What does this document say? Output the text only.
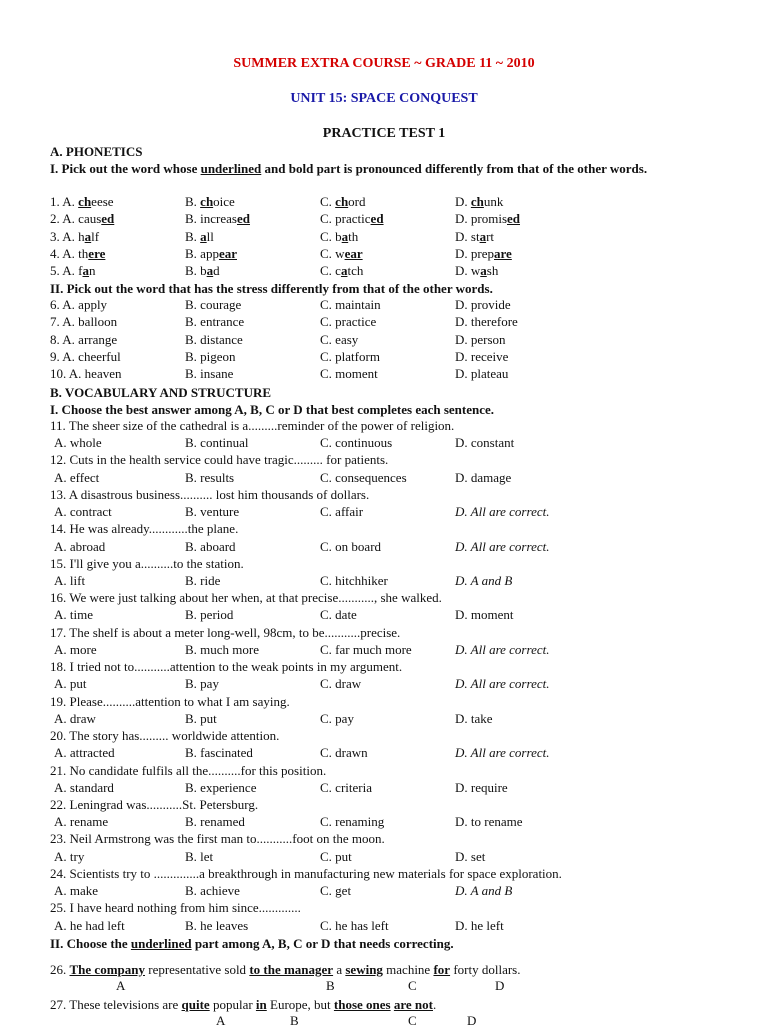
SUMMER EXTRA COURSE ~ GRADE 11 ~ 2010
UNIT 15: SPACE CONQUEST
PRACTICE TEST 1
A. PHONETICS
I. Pick out the word whose underlined and bold part is pronounced differently from that of the other words.
1. A. cheese	B. choice	C. chord	D. chunk
2. A. caused	B. increased	C. practiced	D. promised
3. A. half	B. all	C. bath	D. start
4. A. there	B. appear	C. wear	D. prepare
5. A. fan	B. bad	C. catch	D. wash
II. Pick out the word that has the stress differently from that of the other words.
6. A. apply	B. courage	C. maintain	D. provide
7. A. balloon	B. entrance	C. practice	D. therefore
8. A. arrange	B. distance	C. easy	D. person
9. A. cheerful	B. pigeon	C. platform	D. receive
10. A. heaven	B. insane	C. moment	D. plateau
B. VOCABULARY AND STRUCTURE
I. Choose the best answer among A, B, C or D that best completes each sentence.
11. The sheer size of the cathedral is a.........reminder of the power of religion.
A. whole	B. continual	C. continuous	D. constant
12. Cuts in the health service could have tragic......... for patients.
A. effect	B. results	C. consequences	D. damage
13. A disastrous business.......... lost him thousands of dollars.
A. contract	B. venture	C. affair	D. All are correct.
14. He was already............the plane.
A. abroad	B. aboard	C. on board	D. All are correct.
15. I'll give you a..........to the station.
A. lift	B. ride	C. hitchhiker	D. A and B
16. We were just talking about her when, at that precise..........., she walked.
A. time	B. period	C. date	D. moment
17. The shelf is about a meter long-well, 98cm, to be...........precise.
A. more	B. much more	C. far much more	D. All are correct.
18. I tried not to...........attention to the weak points in my argument.
A. put	B. pay	C. draw	D. All are correct.
19. Please..........attention to what I am saying.
A. draw	B. put	C. pay	D. take
20. The story has......... worldwide attention.
A. attracted	B. fascinated	C. drawn	D. All are correct.
21. No candidate fulfils all the..........for this position.
A. standard	B. experience	C. criteria	D. require
22. Leningrad was...........St. Petersburg.
A. rename	B. renamed	C. renaming	D. to rename
23. Neil Armstrong was the first man to...........foot on the moon.
A. try	B. let	C. put	D. set
24. Scientists try to ..............a breakthrough in manufacturing new materials for space exploration.
A. make	B. achieve	C. get	D. A and B
25. I have heard nothing from him since.............
A. he had left	B. he leaves	C. he has left	D. he left
II. Choose the underlined part among A, B, C or D that needs correcting.
26. The company representative sold to the manager a sewing machine for forty dollars.
A	B	C	D
27. These televisions are quite popular in Europe, but those ones are not.
A	B	C	D
